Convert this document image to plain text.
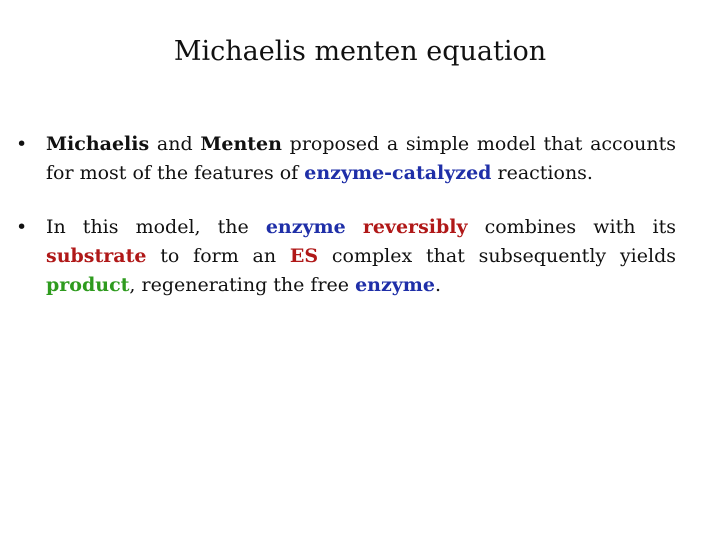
Michaelis menten equation
• Michaelis and Menten proposed a simple model that accounts for most of the features of enzyme-catalyzed reactions.
• In this model, the enzyme reversibly combines with its substrate to form an ES complex that subsequently yields product, regenerating the free enzyme.
